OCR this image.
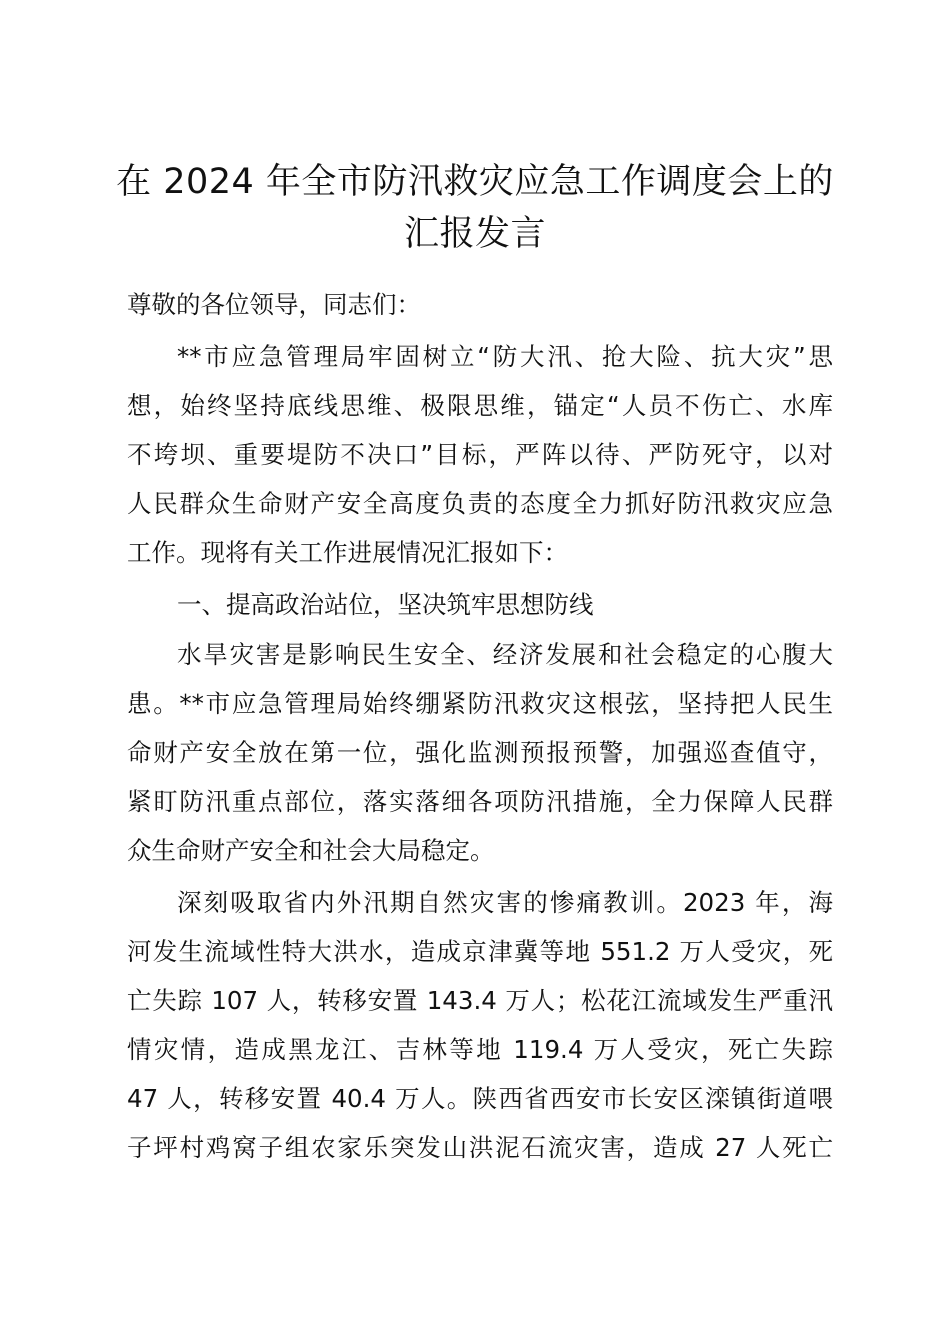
在 2024 年全市防汛救灾应急工作调度会上的
汇报发言
尊敬的各位领导，同志们：
**市应急管理局牢固树立“防大汛、抢大险、抗大灾”思
想，始终坚持底线思维、极限思维，锚定“人员不伤亡、水库
不垮坝、重要堤防不决口”目标，严阵以待、严防死守，以对
人民群众生命财产安全高度负责的态度全力抓好防汛救灾应急
工作。现将有关工作进展情况汇报如下：
一、提高政治站位，坚决筑牢思想防线
水旱灾害是影响民生安全、经济发展和社会稳定的心腹大
患。**市应急管理局始终绷紧防汛救灾这根弦，坚持把人民生
命财产安全放在第一位，强化监测预报预警，加强巡查值守，
紧盯防汛重点部位，落实落细各项防汛措施，全力保障人民群
众生命财产安全和社会大局稳定。
深刻吸取省内外汛期自然灾害的惨痛教训。2023 年，海
河发生流域性特大洪水，造成京津冀等地 551.2 万人受灾，死
亡失踪 107 人，转移安置 143.4 万人；松花江流域发生严重汛
情灾情，造成黑龙江、吉林等地 119.4 万人受灾，死亡失踪
47 人，转移安置 40.4 万人。陕西省西安市长安区滦镇街道喂
子坪村鸡窝子组农家乐突发山洪泥石流灾害，造成 27 人死亡
